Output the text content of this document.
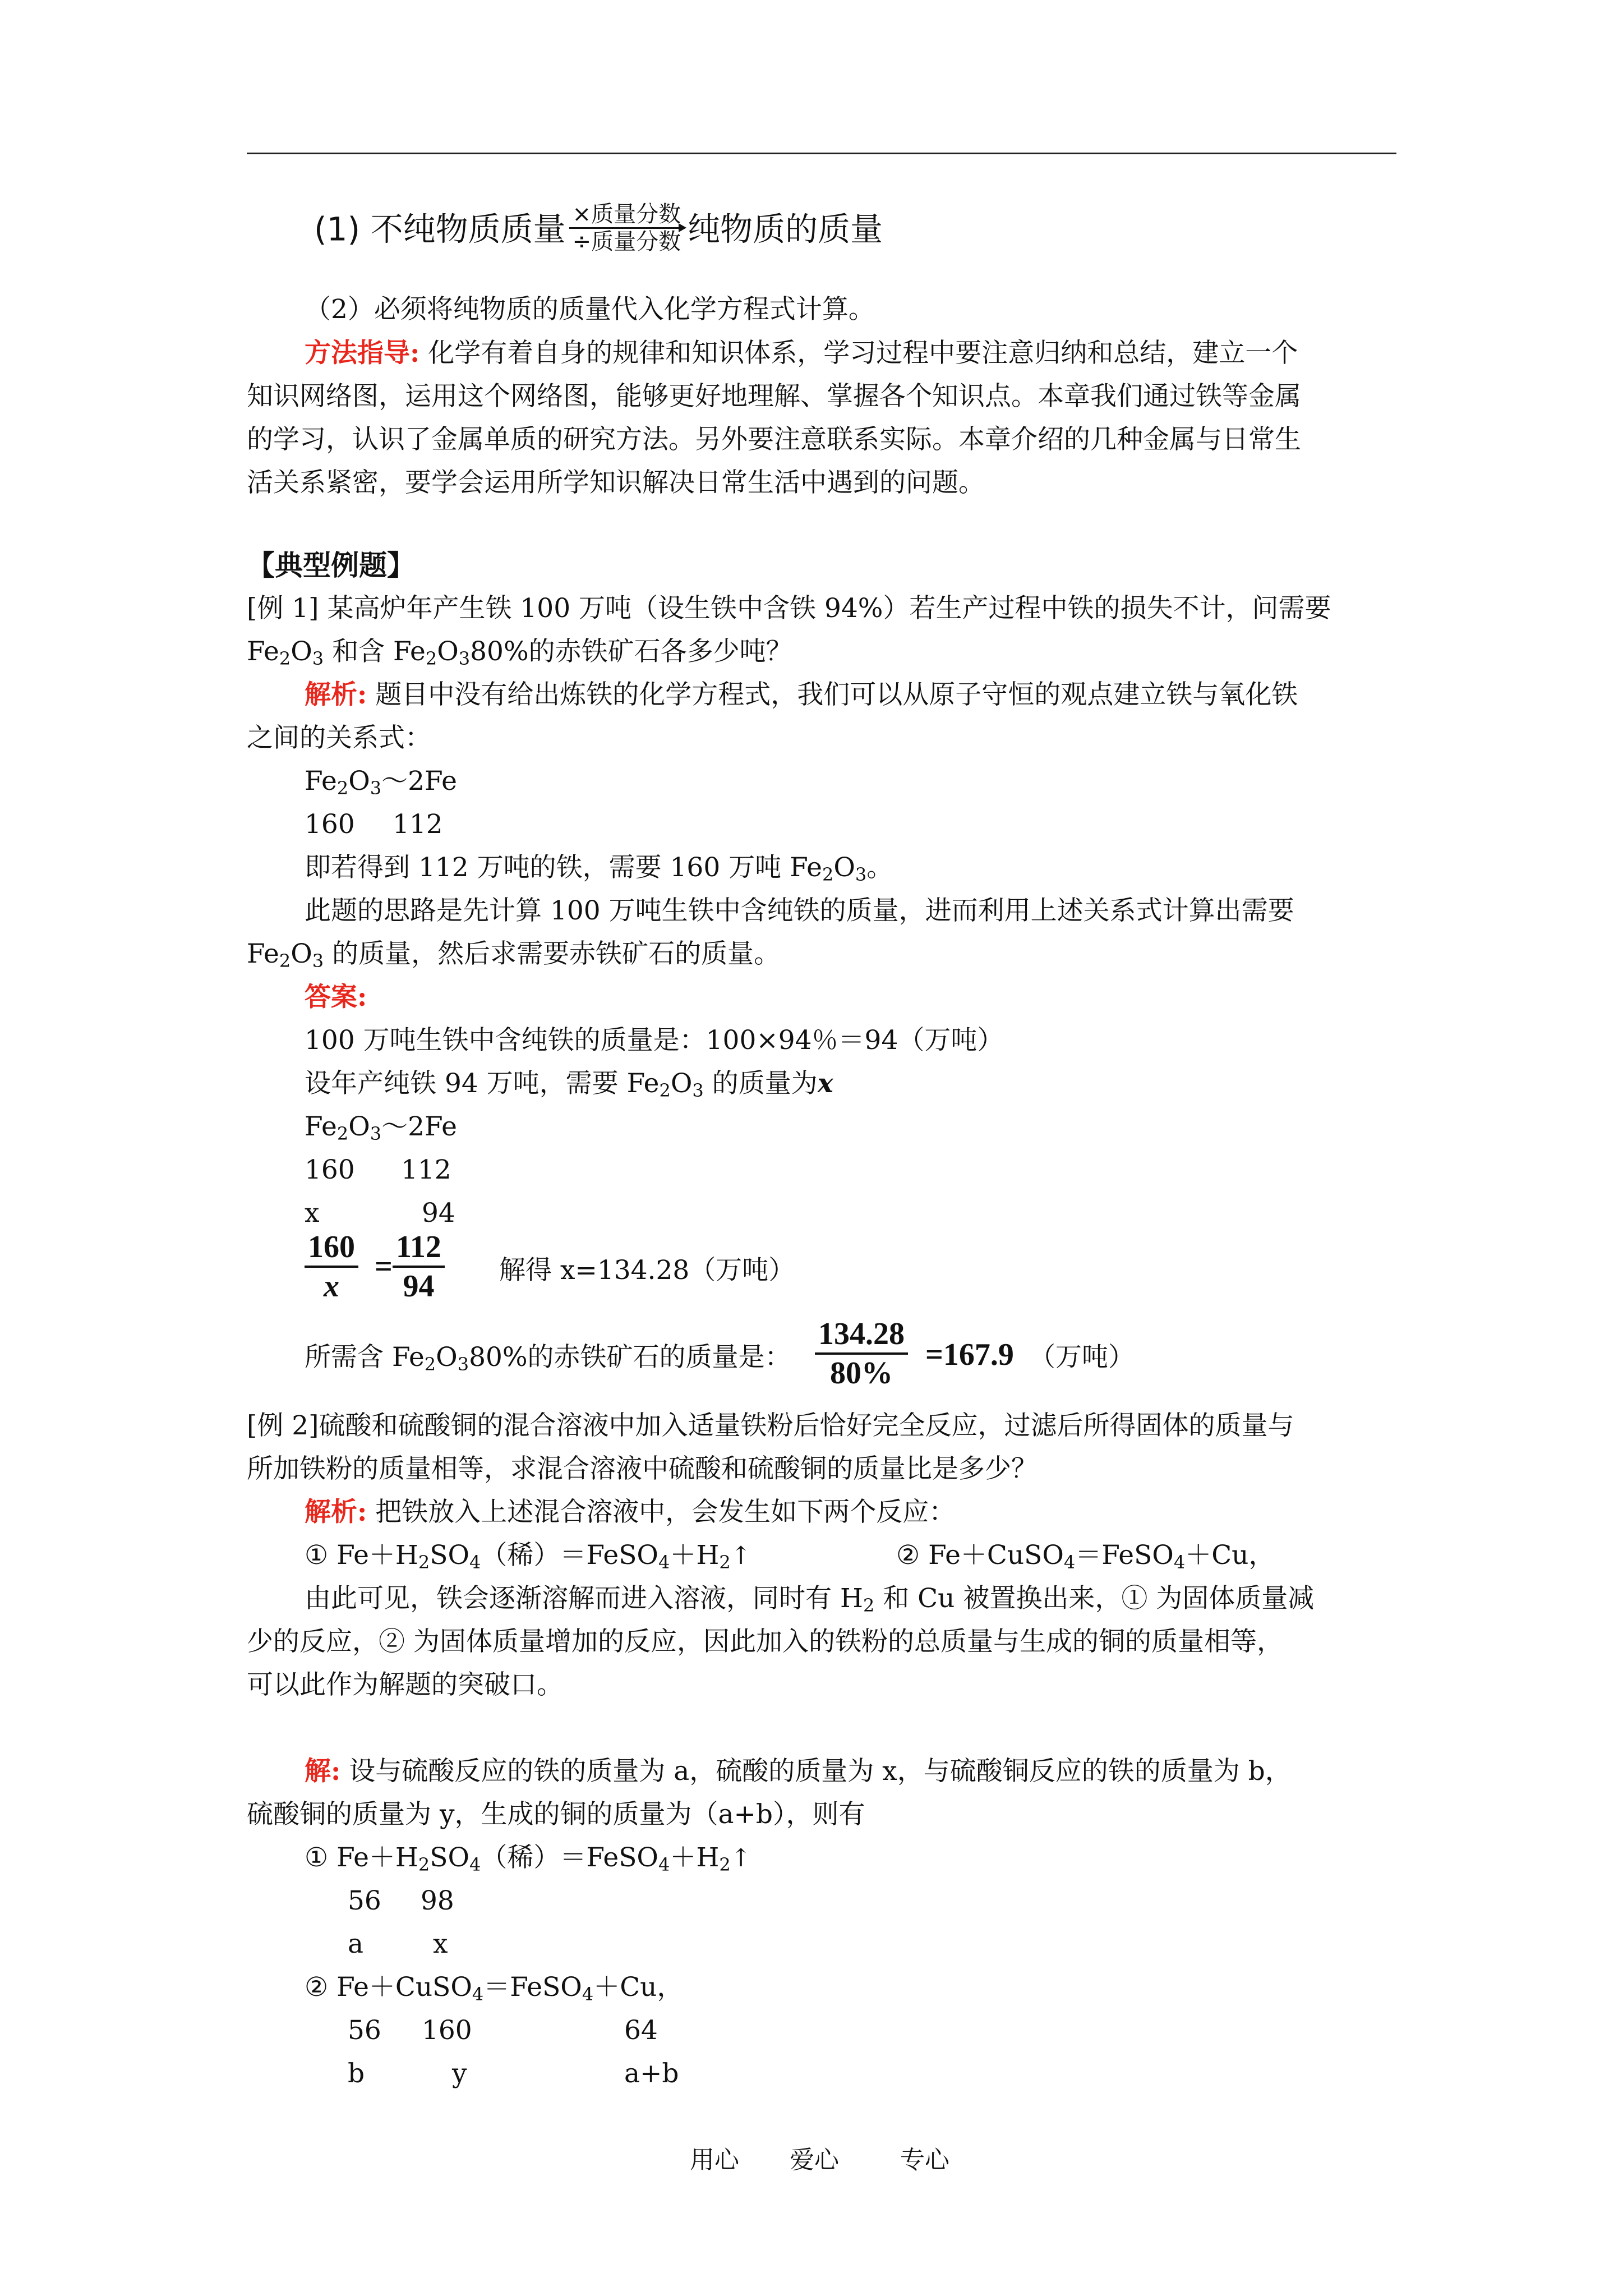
(1) 不纯物质质量 ×质量分数
÷质量分数 纯物质的质量
（2）必须将纯物质的质量代入化学方程式计算。
方法指导: 化学有着自身的规律和知识体系，学习过程中要注意归纳和总结，建立一个
知识网络图，运用这个网络图，能够更好地理解、掌握各个知识点。本章我们通过铁等金属
的学习，认识了金属单质的研究方法。另外要注意联系实际。本章介绍的几种金属与日常生
活关系紧密，要学会运用所学知识解决日常生活中遇到的问题。
【典型例题】
[例 1] 某高炉年产生铁 100 万吨（设生铁中含铁 94%）若生产过程中铁的损失不计，问需要
$Fe_2O_3$ 和含 $Fe_2O_380\%$的赤铁矿石各多少吨？
解析: 题目中没有给出炼铁的化学方程式，我们可以从原子守恒的观点建立铁与氧化铁
之间的关系式：
$Fe_2O_3\sim 2Fe$
160	112
即若得到 112 万吨的铁，需要 160 万吨 $Fe_2O_3$。
此题的思路是先计算 100 万吨生铁中含纯铁的质量，进而利用上述关系式计算出需要
$Fe_2O_3$ 的质量，然后求需要赤铁矿石的质量。
答案:
100 万吨生铁中含纯铁的质量是：100×94％＝94（万吨）
设年产纯铁 94 万吨，需要 $Fe_2O_3$ 的质量为x
$Fe_2O_3\sim 2Fe$
160	112
x	94
160
x
=
112
94	解得 x=134.28（万吨）
所需含 $Fe_2O_380\%$的赤铁矿石的质量是：
134.28
80%
=167.9 （万吨）
[例 2]硫酸和硫酸铜的混合溶液中加入适量铁粉后恰好完全反应，过滤后所得固体的质量与
所加铁粉的质量相等，求混合溶液中硫酸和硫酸铜的质量比是多少？
解析: 把铁放入上述混合溶液中，会发生如下两个反应：
① $Fe+H_2SO_4$（稀）$=FeSO_4+H_2↑$	② Fe＋CuSO$_4$＝FeSO$_4$＋Cu，
由此可见，铁会逐渐溶解而进入溶液，同时有 $H_2$ 和 Cu 被置换出来，① 为固体质量减
少的反应，② 为固体质量增加的反应，因此加入的铁粉的总质量与生成的铜的质量相等，
可以此作为解题的突破口。
解: 设与硫酸反应的铁的质量为 a，硫酸的质量为 x，与硫酸铜反应的铁的质量为 b，
硫酸铜的质量为 y，生成的铜的质量为（a+b），则有
① $Fe+H_2SO_4$（稀）$=FeSO_4+H_2↑$
56	98
a	x
② Fe＋CuSO$_4$＝FeSO$_4$＋Cu，
56	160	64
b	y	a+b
用心 爱心 专心
